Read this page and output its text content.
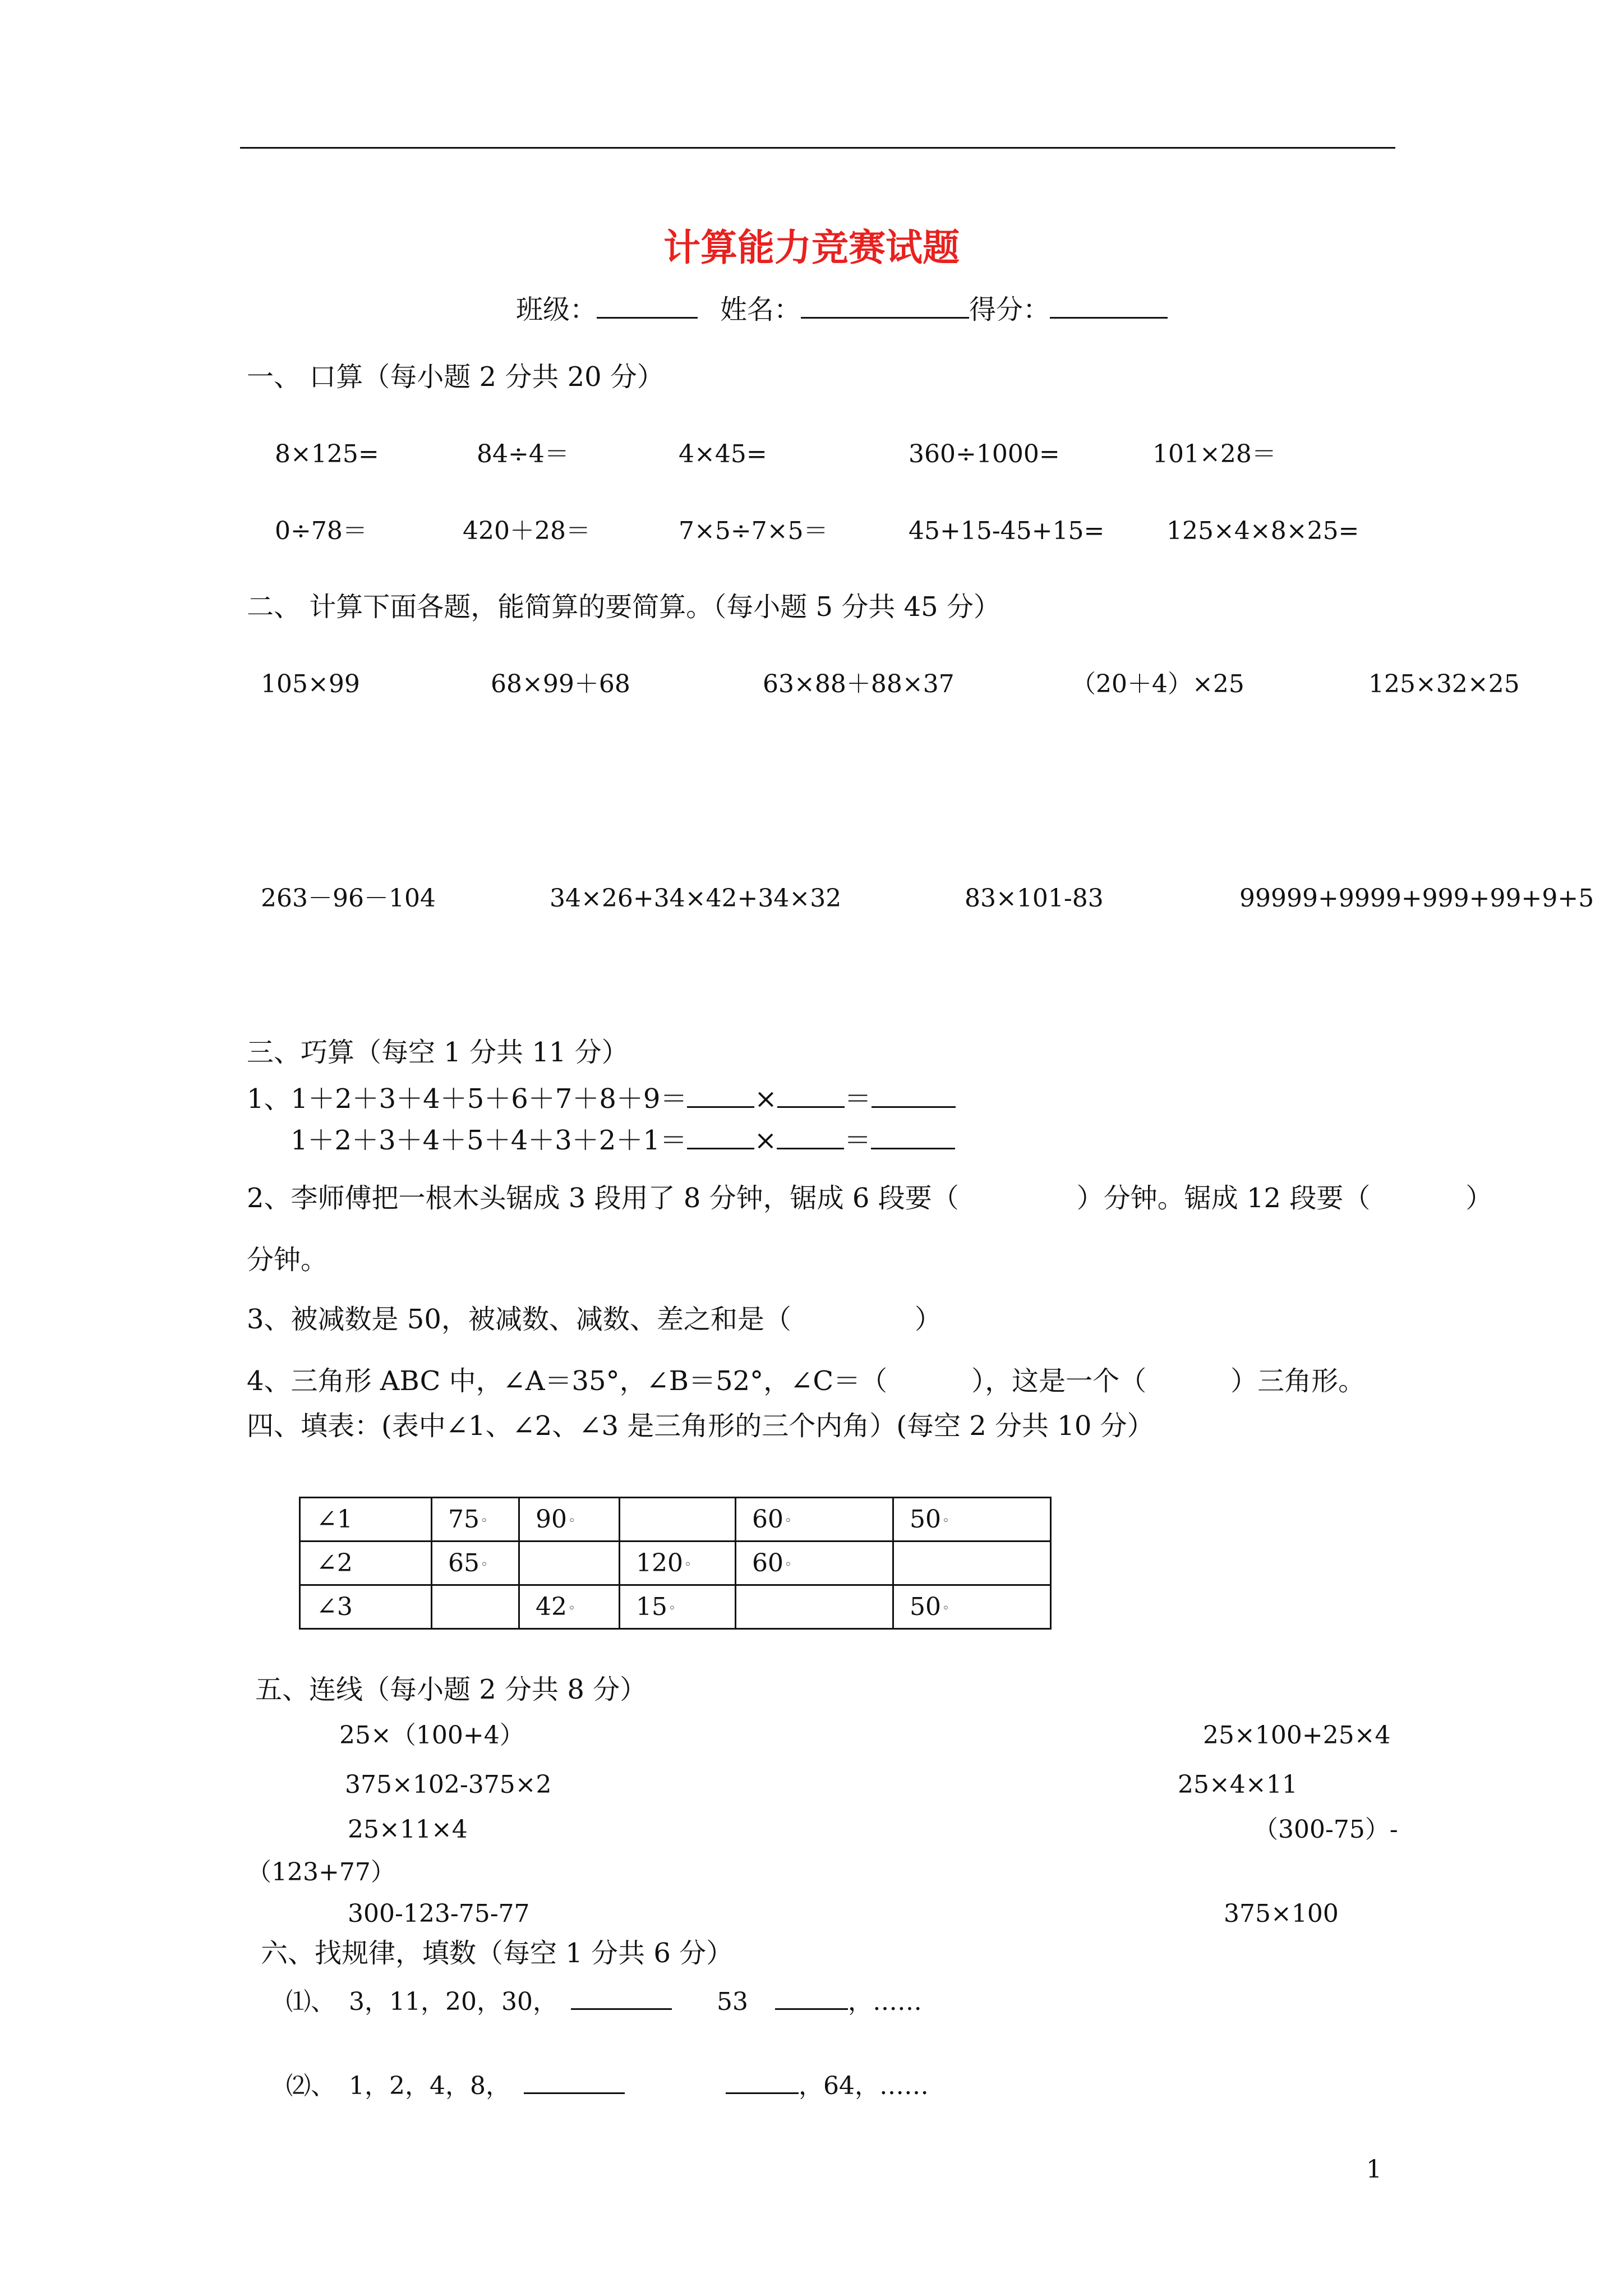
计算能力竞赛试题
班级：	姓名：	得分：
一、 口算（每小题 2 分共 20 分）
8×125=	84÷4＝	4×45=	360÷1000=	101×28＝
0÷78＝	420＋28＝	7×5÷7×5＝	45+15-45+15=	125×4×8×25=
二、 计算下面各题，能简算的要简算。（每小题 5 分共 45 分）
105×99	68×99＋68	63×88＋88×37	（20＋4）×25	125×32×25
263－96－104	34×26+34×42+34×32	83×101-83	99999+9999+999+99+9+5
三、巧算（每空 1 分共 11 分）
1、1＋2＋3＋4＋5＋6＋7＋8＋9＝	×	＝
1＋2＋3＋4＋5＋4＋3＋2＋1＝	×	＝
2、李师傅把一根木头锯成 3 段用了 8 分钟，锯成 6 段要（	）分钟。锯成 12 段要（	）
分钟。
3、被减数是 50，被减数、减数、差之和是（	）
4、三角形 ABC 中，∠A＝35°，∠B＝52°，∠C＝（	），这是一个（	）三角形。
四、填表：(表中∠1、∠2、∠3 是三角形的三个内角）(每空 2 分共 10 分）
∠1	75◦	90◦		60◦	50◦
∠2	65◦		120◦	60◦	
∠3		42◦	15◦		50◦
五、连线（每小题 2 分共 8 分）
25×（100+4）	25×100+25×4
375×102-375×2	25×4×11
25×11×4	（300-75）-
（123+77）
300-123-75-77	375×100
六、找规律，填数（每空 1 分共 6 分）
⑴、 3，11，20，30，	53	，……
⑵、 1，2，4，8，	，64，……
1
